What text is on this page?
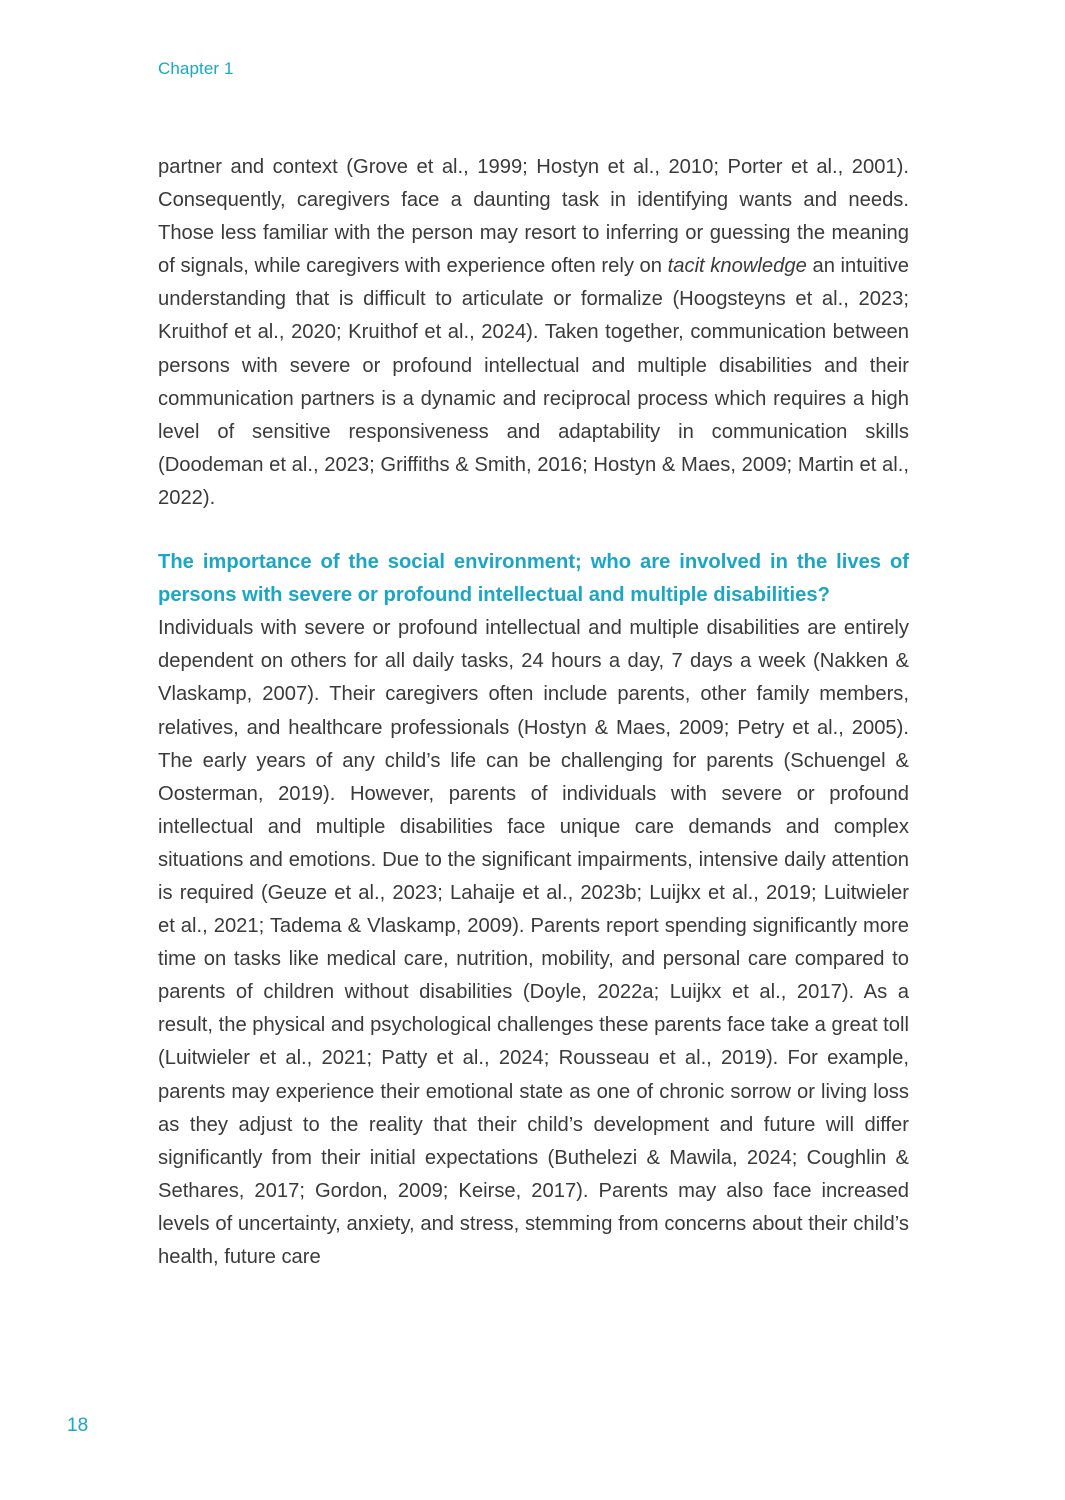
Chapter 1

partner and context (Grove et al., 1999; Hostyn et al., 2010; Porter et al., 2001). Consequently, caregivers face a daunting task in identifying wants and needs. Those less familiar with the person may resort to inferring or guessing the meaning of signals, while caregivers with experience often rely on tacit knowledge an intuitive understanding that is difficult to articulate or formalize (Hoogsteyns et al., 2023; Kruithof et al., 2020; Kruithof et al., 2024). Taken together, communication between persons with severe or profound intellectual and multiple disabilities and their communication partners is a dynamic and reciprocal process which requires a high level of sensitive responsiveness and adaptability in communication skills (Doodeman et al., 2023; Griffiths & Smith, 2016; Hostyn & Maes, 2009; Martin et al., 2022).

The importance of the social environment; who are involved in the lives of persons with severe or profound intellectual and multiple disabilities?

Individuals with severe or profound intellectual and multiple disabilities are entirely dependent on others for all daily tasks, 24 hours a day, 7 days a week (Nakken & Vlaskamp, 2007). Their caregivers often include parents, other family members, relatives, and healthcare professionals (Hostyn & Maes, 2009; Petry et al., 2005). The early years of any child’s life can be challenging for parents (Schuengel & Oosterman, 2019). However, parents of individuals with severe or profound intellectual and multiple disabilities face unique care demands and complex situations and emotions. Due to the significant impairments, intensive daily attention is required (Geuze et al., 2023; Lahaije et al., 2023b; Luijkx et al., 2019; Luitwieler et al., 2021; Tadema & Vlaskamp, 2009). Parents report spending significantly more time on tasks like medical care, nutrition, mobility, and personal care compared to parents of children without disabilities (Doyle, 2022a; Luijkx et al., 2017). As a result, the physical and psychological challenges these parents face take a great toll (Luitwieler et al., 2021; Patty et al., 2024; Rousseau et al., 2019). For example, parents may experience their emotional state as one of chronic sorrow or living loss as they adjust to the reality that their child’s development and future will differ significantly from their initial expectations (Buthelezi & Mawila, 2024; Coughlin & Sethares, 2017; Gordon, 2009; Keirse, 2017). Parents may also face increased levels of uncertainty, anxiety, and stress, stemming from concerns about their child’s health, future care

18
